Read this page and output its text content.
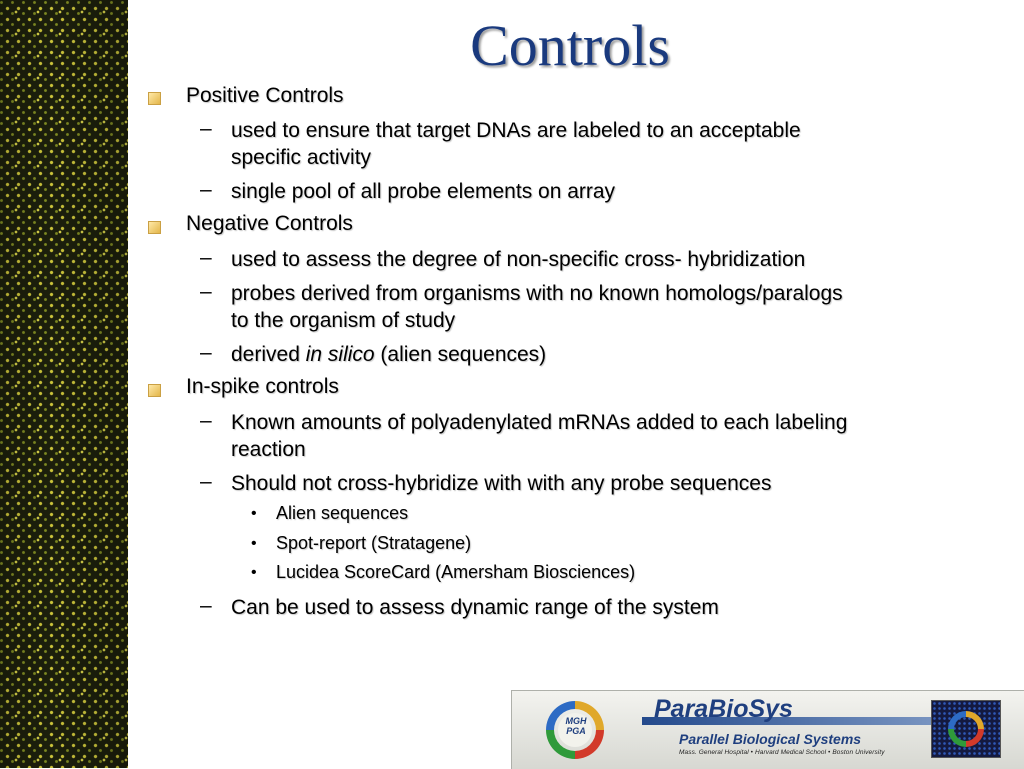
Controls
Positive Controls
– used to ensure that target DNAs are labeled to an acceptable
specific activity
– single pool of all probe elements on array
Negative Controls
– used to assess the degree of non-specific cross- hybridization
– probes derived from organisms with no known homologs/paralogs
to the organism of study
– derived in silico (alien sequences)
In-spike controls
– Known amounts of polyadenylated mRNAs added to each labeling
reaction
– Should not cross-hybridize with with any probe sequences
• Alien sequences
• Spot-report (Stratagene)
• Lucidea ScoreCard (Amersham Biosciences)
– Can be used to assess dynamic range of the system
MGH
PGA
ParaBioSys
Parallel Biological Systems
Mass. General Hospital • Harvard Medical School • Boston University
